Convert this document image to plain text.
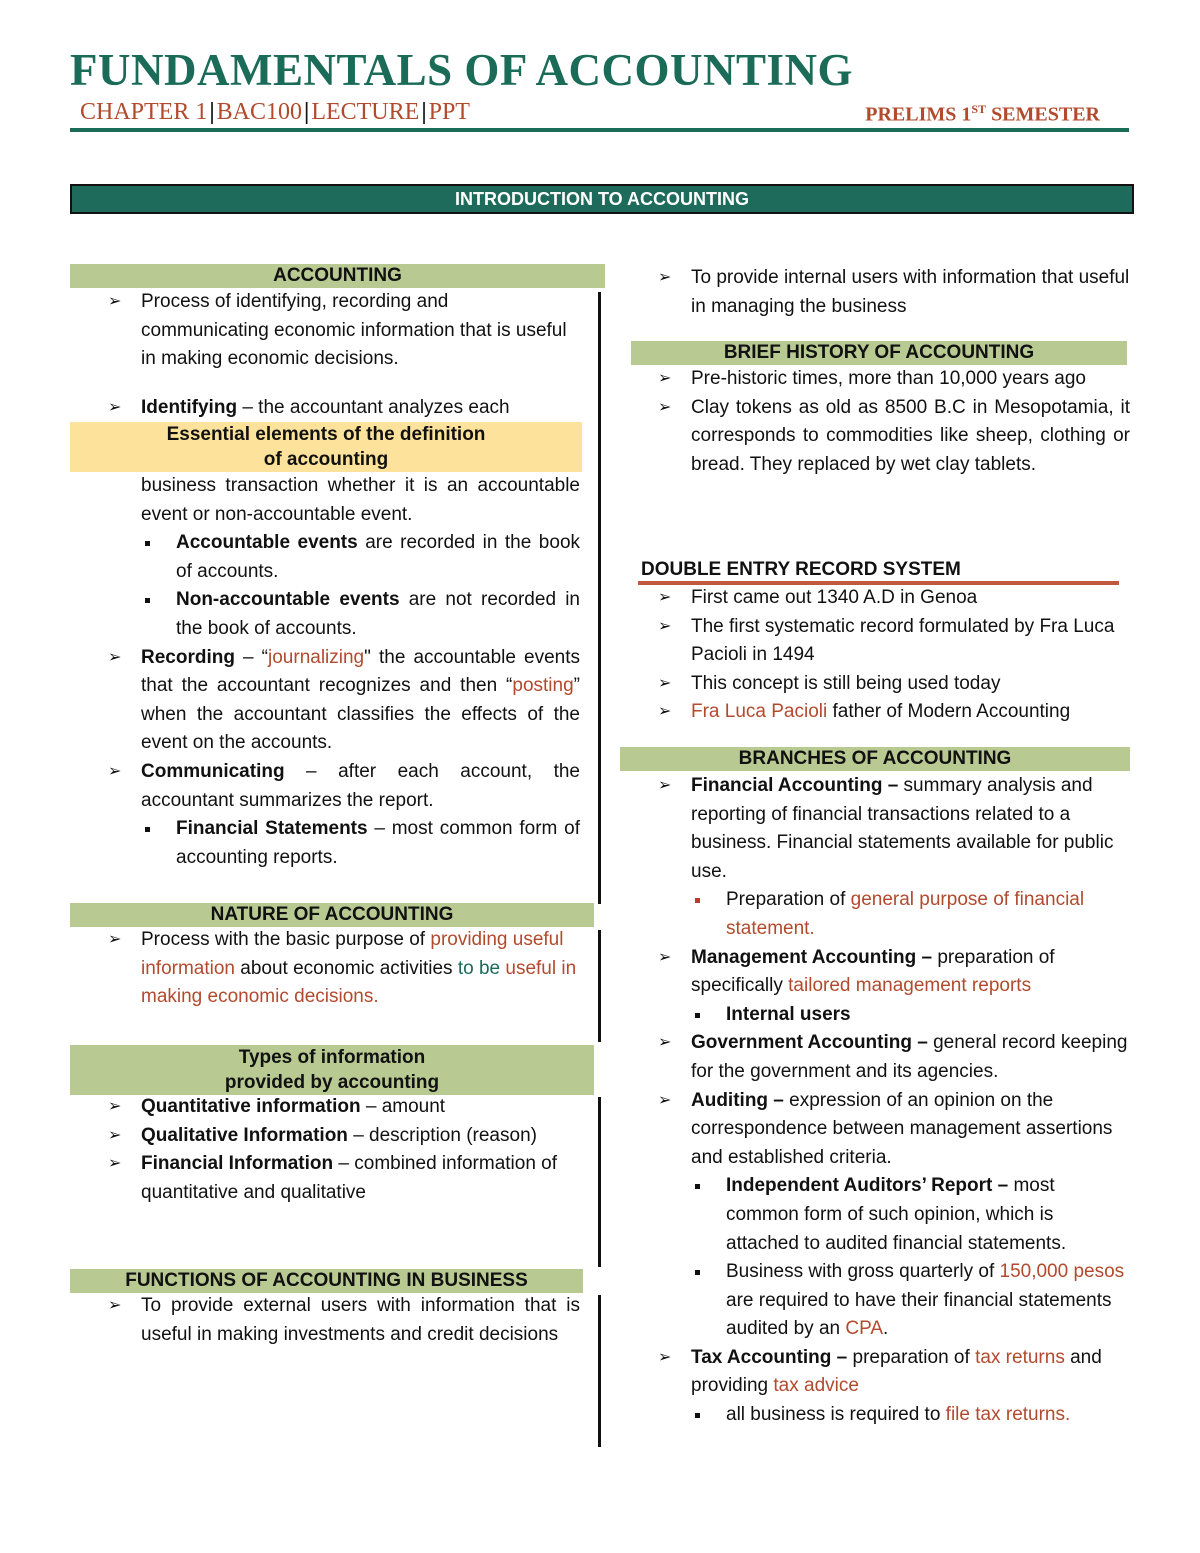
FUNDAMENTALS OF ACCOUNTING
CHAPTER 1|BAC100|LECTURE|PPT	PRELIMS 1ST SEMESTER
INTRODUCTION TO ACCOUNTING
ACCOUNTING

➢ Process of identifying, recording and communicating economic information that is useful in making economic decisions.

➢ Identifying – the accountant analyzes each

Essential elements of the definition
of accounting

business transaction whether it is an accountable event or non-accountable event.

Accountable events are recorded in the book of accounts.

Non-accountable events are not recorded in the book of accounts.

➢ Recording – “journalizing" the accountable events that the accountant recognizes and then “posting” when the accountant classifies the effects of the event on the accounts.

➢ Communicating – after each account, the accountant summarizes the report.

Financial Statements – most common form of accounting reports.

NATURE OF ACCOUNTING

➢ Process with the basic purpose of providing useful information about economic activities to be useful in making economic decisions.

Types of information
provided by accounting

➢ Quantitative information – amount

➢ Qualitative Information – description (reason)

➢ Financial Information – combined information of quantitative and qualitative

FUNCTIONS OF ACCOUNTING IN BUSINESS

➢ To provide external users with information that is useful in making investments and credit decisions

➢ To provide internal users with information that useful in managing the business

BRIEF HISTORY OF ACCOUNTING

➢ Pre-historic times, more than 10,000 years ago

➢ Clay tokens as old as 8500 B.C in Mesopotamia, it corresponds to commodities like sheep, clothing or bread. They replaced by wet clay tablets.

DOUBLE ENTRY RECORD SYSTEM

➢ First came out 1340 A.D in Genoa

➢ The first systematic record formulated by Fra Luca Pacioli in 1494

➢ This concept is still being used today

➢ Fra Luca Pacioli father of Modern Accounting

BRANCHES OF ACCOUNTING

➢ Financial Accounting – summary analysis and reporting of financial transactions related to a business. Financial statements available for public use.

Preparation of general purpose of financial statement.

➢ Management Accounting – preparation of specifically tailored management reports

Internal users

➢ Government Accounting – general record keeping for the government and its agencies.

➢ Auditing – expression of an opinion on the correspondence between management assertions and established criteria.

Independent Auditors’ Report – most common form of such opinion, which is attached to audited financial statements.

Business with gross quarterly of 150,000 pesos are required to have their financial statements audited by an CPA.

➢ Tax Accounting – preparation of tax returns and providing tax advice

all business is required to file tax returns.
